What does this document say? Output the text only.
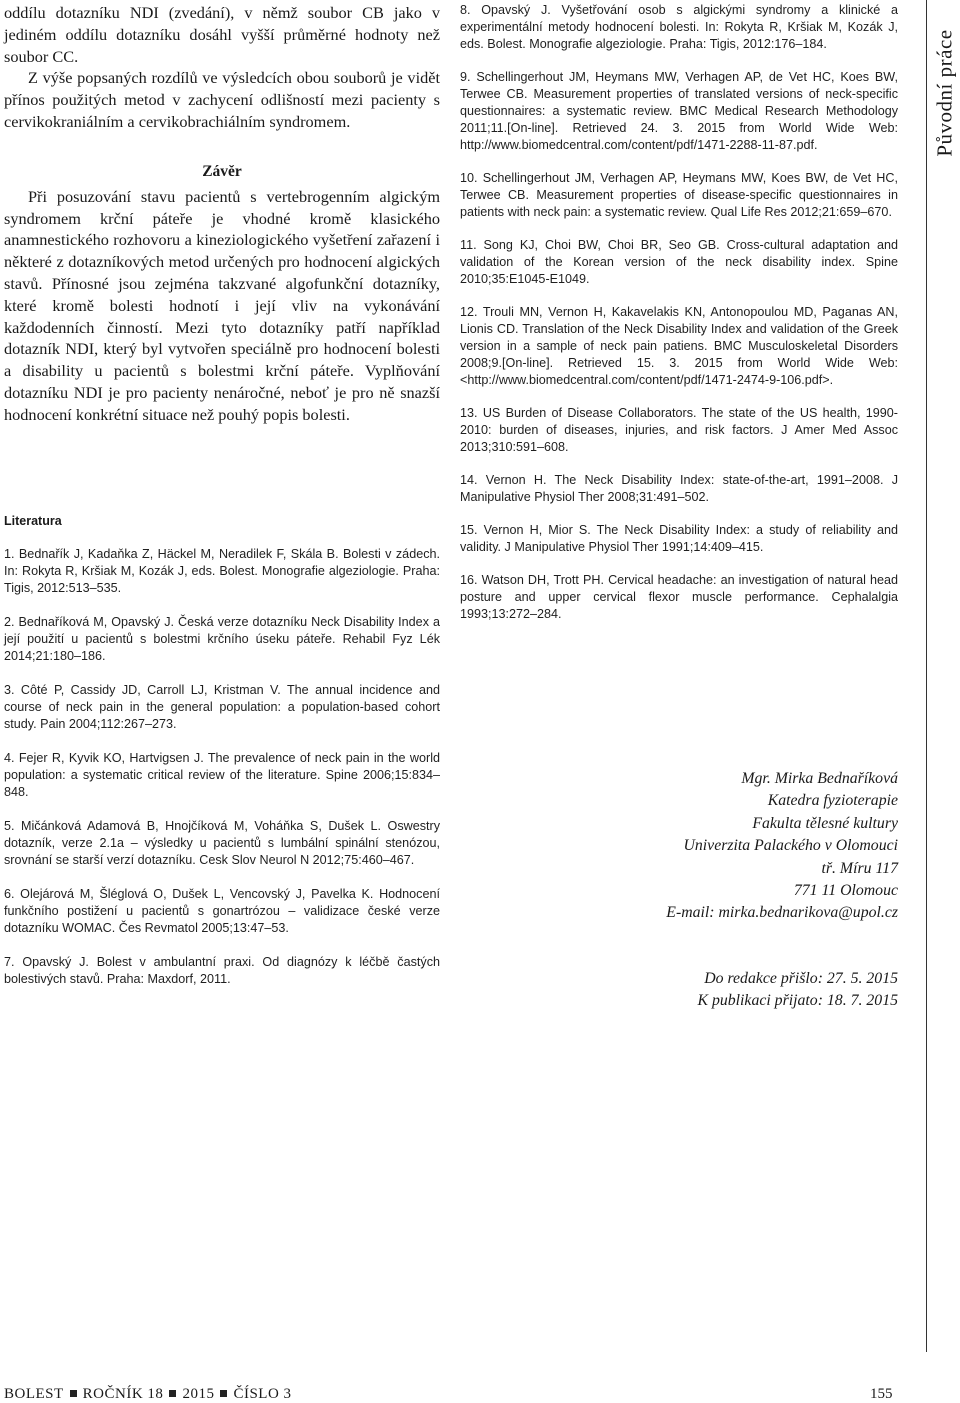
oddílu dotazníku NDI (zvedání), v němž soubor CB jako v jediném oddílu dotazníku dosáhl vyšší průměrné hodnoty než soubor CC.

Z výše popsaných rozdílů ve výsledcích obou souborů je vidět přínos použitých metod v zachycení odlišností mezi pacienty s cervikokraniálním a cervikobrachiálním syndromem.

Závěr

Při posuzování stavu pacientů s vertebrogenním algickým syndromem krční páteře je vhodné kromě klasického anamnestického rozhovoru a kineziologického vyšetření zařazení i některé z dotazníkových metod určených pro hodnocení algických stavů. Přínosné jsou zejména takzvané algofunkční dotazníky, které kromě bolesti hodnotí i její vliv na vykonávání každodenních činností. Mezi tyto dotazníky patří například dotazník NDI, který byl vytvořen speciálně pro hodnocení bolesti a disability u pacientů s bolestmi krční páteře. Vyplňování dotazníku NDI je pro pacienty nenáročné, neboť je pro ně snazší hodnocení konkrétní situace než pouhý popis bolesti.

Literatura
1. Bednařík J, Kadaňka Z, Häckel M, Neradilek F, Skála B. Bolesti v zádech. In: Rokyta R, Kršiak M, Kozák J, eds. Bolest. Monografie algeziologie. Praha: Tigis, 2012:513–535.
2. Bednaříková M, Opavský J. Česká verze dotazníku Neck Disability Index a její použití u pacientů s bolestmi krčního úseku páteře. Rehabil Fyz Lék 2014;21:180–186.
3. Côté P, Cassidy JD, Carroll LJ, Kristman V. The annual incidence and course of neck pain in the general population: a population-based cohort study. Pain 2004;112:267–273.
4. Fejer R, Kyvik KO, Hartvigsen J. The prevalence of neck pain in the world population: a systematic critical review of the literature. Spine 2006;15:834–848.
5. Mičánková Adamová B, Hnojčíková M, Voháňka S, Dušek L. Oswestry dotazník, verze 2.1a – výsledky u pacientů s lumbální spinální stenózou, srovnání se starší verzí dotazníku. Cesk Slov Neurol N 2012;75:460–467.
6. Olejárová M, Šléglová O, Dušek L, Vencovský J, Pavelka K. Hodnocení funkčního postižení u pacientů s gonartrózou – validizace české verze dotazníku WOMAC. Čes Revmatol 2005;13:47–53.
7. Opavský J. Bolest v ambulantní praxi. Od diagnózy k léčbě častých bolestivých stavů. Praha: Maxdorf, 2011.
8. Opavský J. Vyšetřování osob s algickými syndromy a klinické a experimentální metody hodnocení bolesti. In: Rokyta R, Kršiak M, Kozák J, eds. Bolest. Monografie algeziologie. Praha: Tigis, 2012:176–184.
9. Schellingerhout JM, Heymans MW, Verhagen AP, de Vet HC, Koes BW, Terwee CB. Measurement properties of translated versions of neck-specific questionnaires: a systematic review. BMC Medical Research Methodology 2011;11.[On-line]. Retrieved 24. 3. 2015 from World Wide Web: http://www.biomedcentral.com/content/pdf/1471-2288-11-87.pdf.
10. Schellingerhout JM, Verhagen AP, Heymans MW, Koes BW, de Vet HC, Terwee CB. Measurement properties of disease-specific questionnaires in patients with neck pain: a systematic review. Qual Life Res 2012;21:659–670.
11. Song KJ, Choi BW, Choi BR, Seo GB. Cross-cultural adaptation and validation of the Korean version of the neck disability index. Spine 2010;35:E1045-E1049.
12. Trouli MN, Vernon H, Kakavelakis KN, Antonopoulou MD, Paganas AN, Lionis CD. Translation of the Neck Disability Index and validation of the Greek version in a sample of neck pain patiens. BMC Musculoskeletal Disorders 2008;9.[On-line]. Retrieved 15. 3. 2015 from World Wide Web: <http://www.biomedcentral.com/content/pdf/1471-2474-9-106.pdf>.
13. US Burden of Disease Collaborators. The state of the US health, 1990-2010: burden of diseases, injuries, and risk factors. J Amer Med Assoc 2013;310:591–608.
14. Vernon H. The Neck Disability Index: state-of-the-art, 1991–2008. J Manipulative Physiol Ther 2008;31:491–502.
15. Vernon H, Mior S. The Neck Disability Index: a study of reliability and validity. J Manipulative Physiol Ther 1991;14:409–415.
16. Watson DH, Trott PH. Cervical headache: an investigation of natural head posture and upper cervical flexor muscle performance. Cephalalgia 1993;13:272–284.
Původní práce
Mgr. Mirka Bednaříková
Katedra fyzioterapie
Fakulta tělesné kultury
Univerzita Palackého v Olomouci
tř. Míru 117
771 11 Olomouc
E-mail: mirka.bednarikova@upol.cz
Do redakce přišlo: 27. 5. 2015
K publikaci přijato: 18. 7. 2015
BOLEST ROČNÍK 18 2015 ČÍSLO 3	155
